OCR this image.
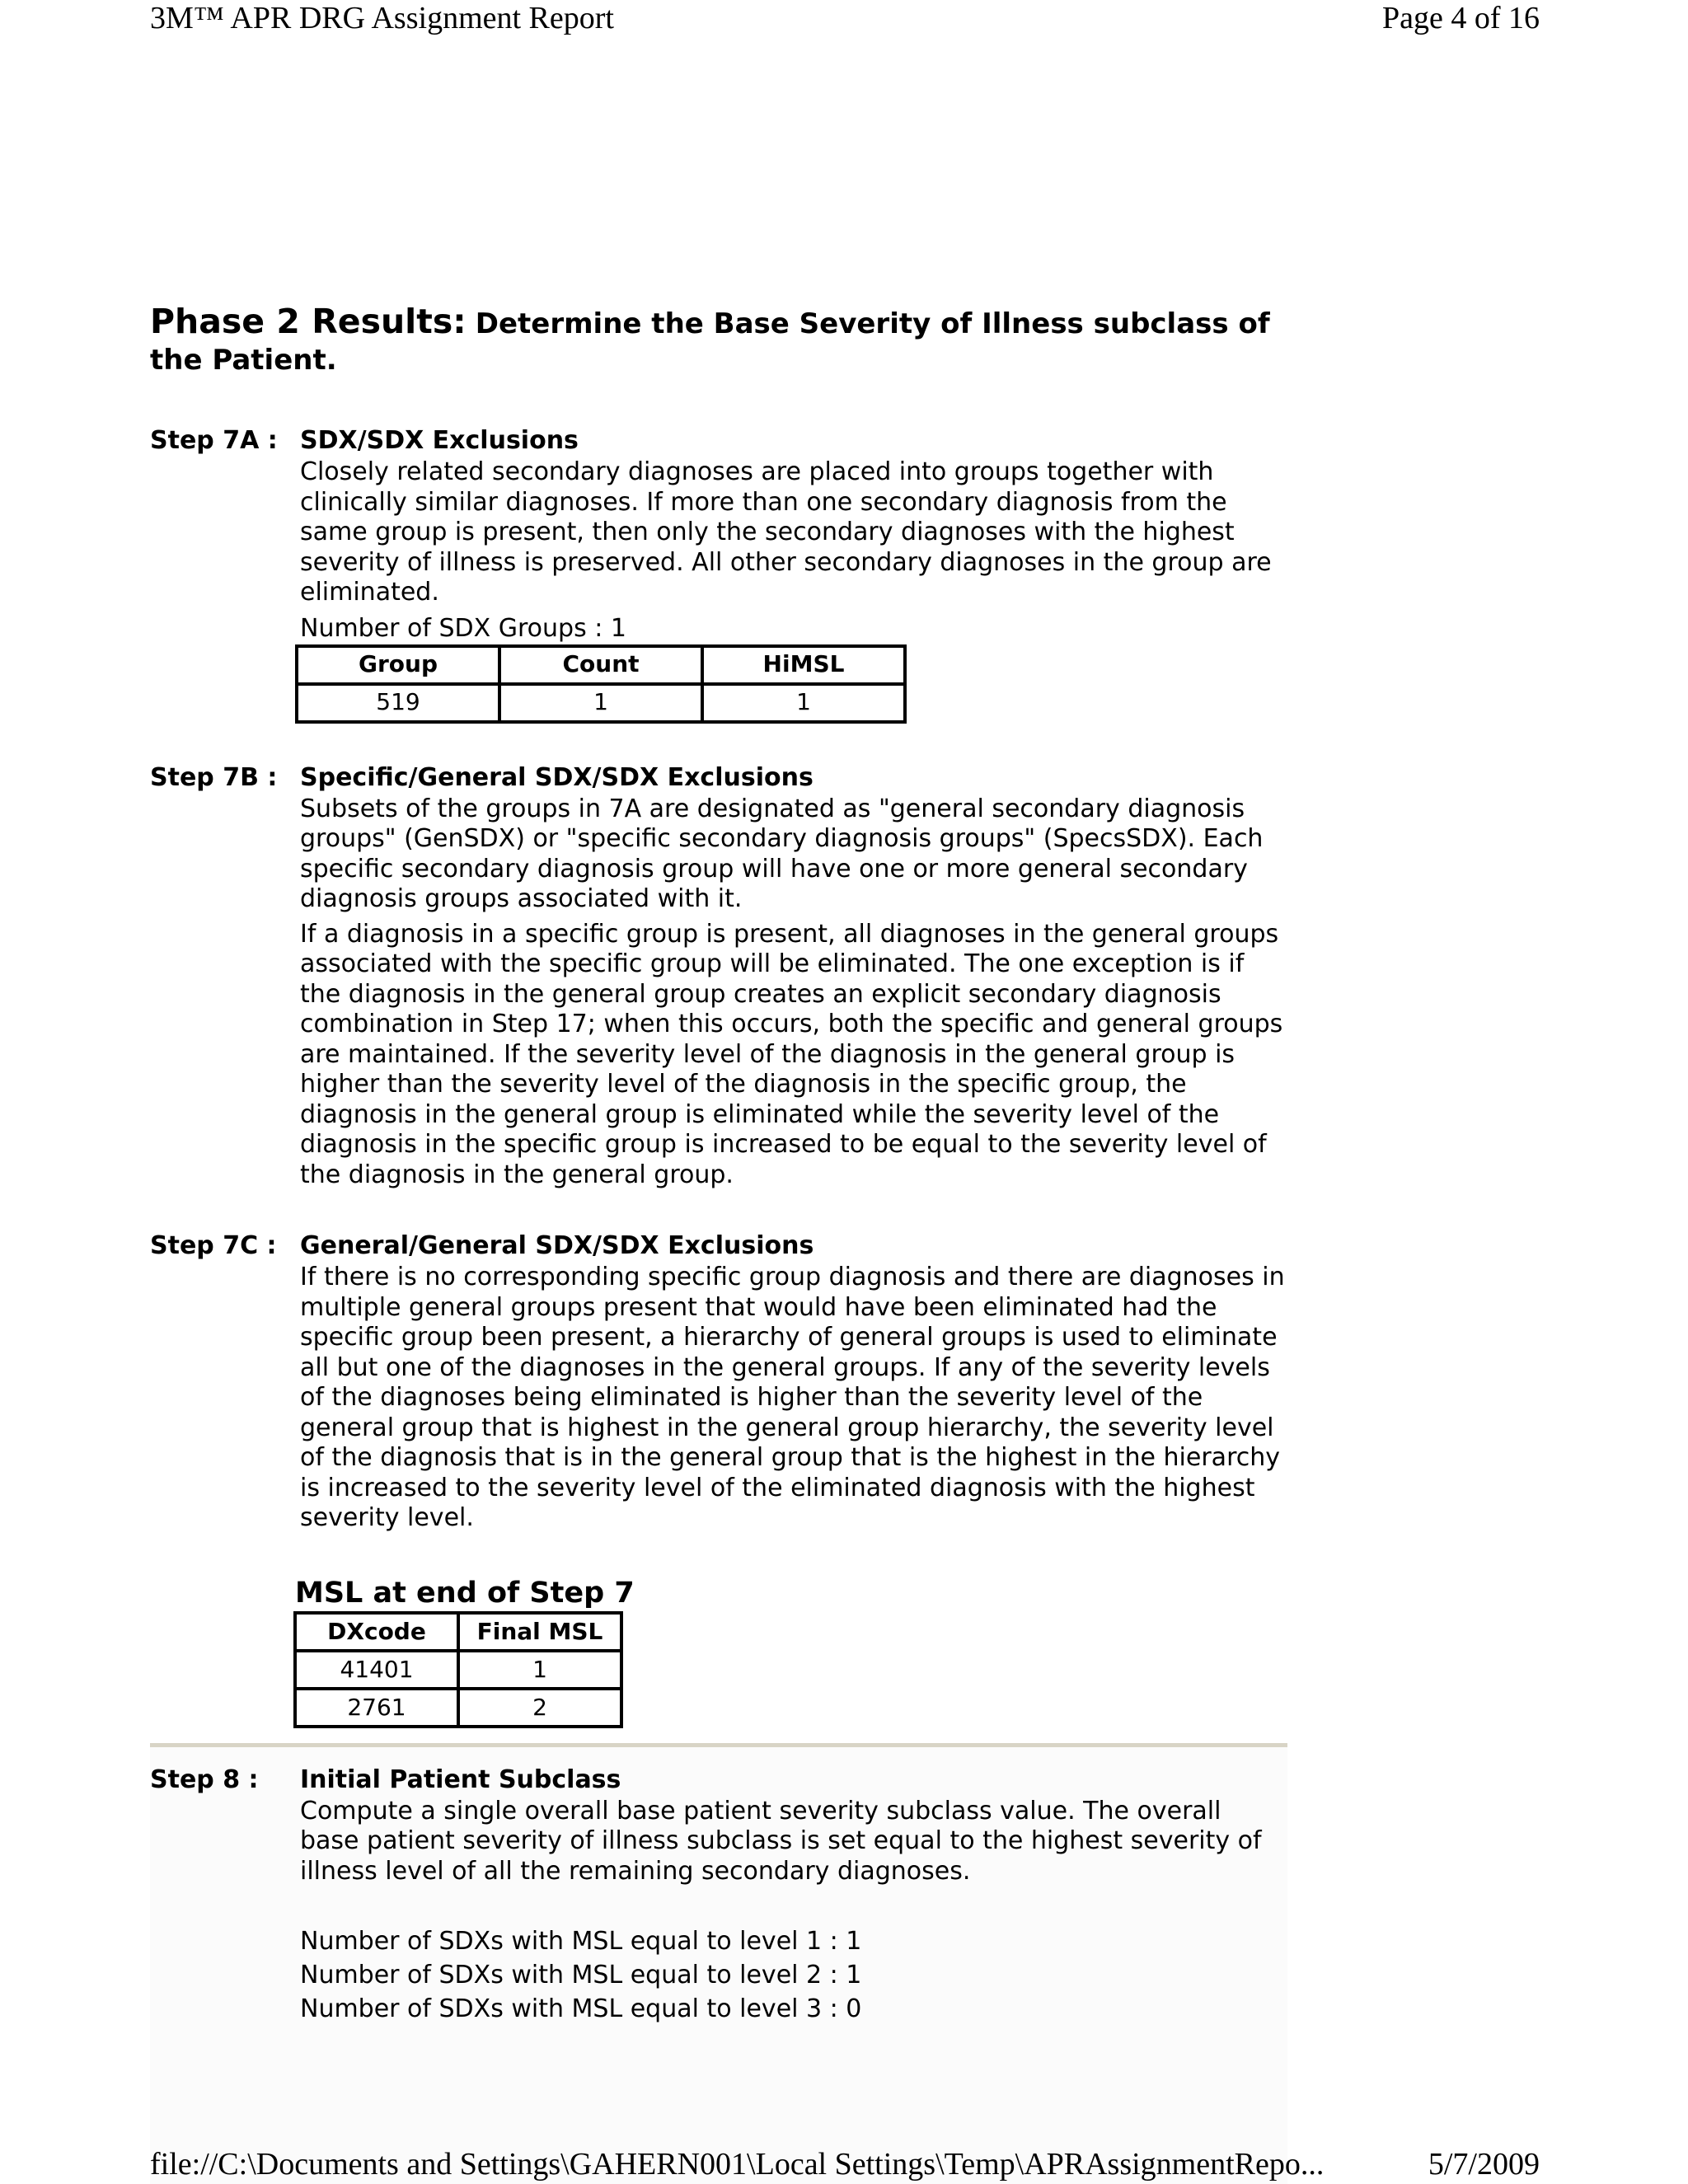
3M™ APR DRG Assignment Report	Page 4 of 16
Phase 2 Results: Determine the Base Severity of Illness subclass of the Patient.
Step 7A : SDX/SDX Exclusions

Closely related secondary diagnoses are placed into groups together with clinically similar diagnoses. If more than one secondary diagnosis from the same group is present, then only the secondary diagnoses with the highest severity of illness is preserved. All other secondary diagnoses in the group are eliminated.

Number of SDX Groups : 1
Group	Count	HiMSL
519	1	1
Step 7B : Specific/General SDX/SDX Exclusions

Subsets of the groups in 7A are designated as "general secondary diagnosis groups" (GenSDX) or "specific secondary diagnosis groups" (SpecsSDX). Each specific secondary diagnosis group will have one or more general secondary diagnosis groups associated with it.

If a diagnosis in a specific group is present, all diagnoses in the general groups associated with the specific group will be eliminated. The one exception is if the diagnosis in the general group creates an explicit secondary diagnosis combination in Step 17; when this occurs, both the specific and general groups are maintained. If the severity level of the diagnosis in the general group is higher than the severity level of the diagnosis in the specific group, the diagnosis in the general group is eliminated while the severity level of the diagnosis in the specific group is increased to be equal to the severity level of the diagnosis in the general group.

Step 7C : General/General SDX/SDX Exclusions

If there is no corresponding specific group diagnosis and there are diagnoses in multiple general groups present that would have been eliminated had the specific group been present, a hierarchy of general groups is used to eliminate all but one of the diagnoses in the general groups. If any of the severity levels of the diagnoses being eliminated is higher than the severity level of the general group that is highest in the general group hierarchy, the severity level of the diagnosis that is in the general group that is the highest in the hierarchy is increased to the severity level of the eliminated diagnosis with the highest severity level.

MSL at end of Step 7
DXcode	Final MSL
41401	1
2761	2
Step 8 :	Initial Patient Subclass

Compute a single overall base patient severity subclass value. The overall base patient severity of illness subclass is set equal to the highest severity of illness level of all the remaining secondary diagnoses.

Number of SDXs with MSL equal to level 1 : 1

Number of SDXs with MSL equal to level 2 : 1

Number of SDXs with MSL equal to level 3 : 0

file://C:\Documents and Settings\GAHERN001\Local Settings\Temp\APRAssignmentRepo...	5/7/2009
